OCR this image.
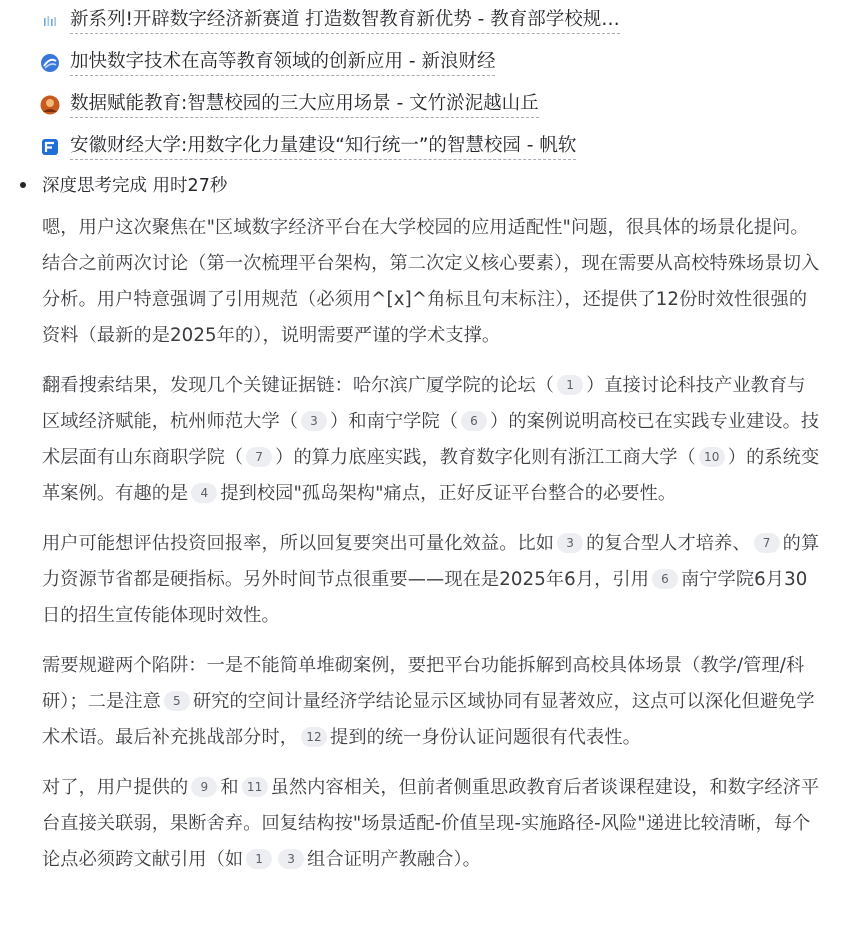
新系列!开辟数字经济新赛道 打造数智教育新优势 - 教育部学校规…
加快数字技术在高等教育领域的创新应用 - 新浪财经
数据赋能教育:智慧校园的三大应用场景 - 文竹淤泥越山丘
安徽财经大学:用数字化力量建设“知行统一”的智慧校园 - 帆软
深度思考完成 用时27秒

嗯，用户这次聚焦在"区域数字经济平台在大学校园的应用适配性"问题，很具体的场景化提问。结合之前两次讨论（第一次梳理平台架构，第二次定义核心要素），现在需要从高校特殊场景切入分析。用户特意强调了引用规范（必须用^[x]^角标且句末标注），还提供了12份时效性很强的资料（最新的是2025年的），说明需要严谨的学术支撑。

翻看搜索结果，发现几个关键证据链：哈尔滨广厦学院的论坛（ 1 ）直接讨论科技产业教育与区域经济赋能，杭州师范大学（ 3 ）和南宁学院（ 6 ）的案例说明高校已在实践专业建设。技术层面有山东商职学院（ 7 ）的算力底座实践，教育数字化则有浙江工商大学（ 10 ）的系统变革案例。有趣的是 4 提到校园"孤岛架构"痛点，正好反证平台整合的必要性。

用户可能想评估投资回报率，所以回复要突出可量化效益。比如 3 的复合型人才培养、 7 的算力资源节省都是硬指标。另外时间节点很重要——现在是2025年6月，引用 6 南宁学院6月30日的招生宣传能体现时效性。

需要规避两个陷阱：一是不能简单堆砌案例，要把平台功能拆解到高校具体场景（教学/管理/科研）；二是注意 5 研究的空间计量经济学结论显示区域协同有显著效应，这点可以深化但避免学术术语。最后补充挑战部分时， 12 提到的统一身份认证问题很有代表性。

对了，用户提供的 9 和 11 虽然内容相关，但前者侧重思政教育后者谈课程建设，和数字经济平台直接关联弱，果断舍弃。回复结构按"场景适配-价值呈现-实施路径-风险"递进比较清晰，每个论点必须跨文献引用（如 1 3 组合证明产教融合）。
